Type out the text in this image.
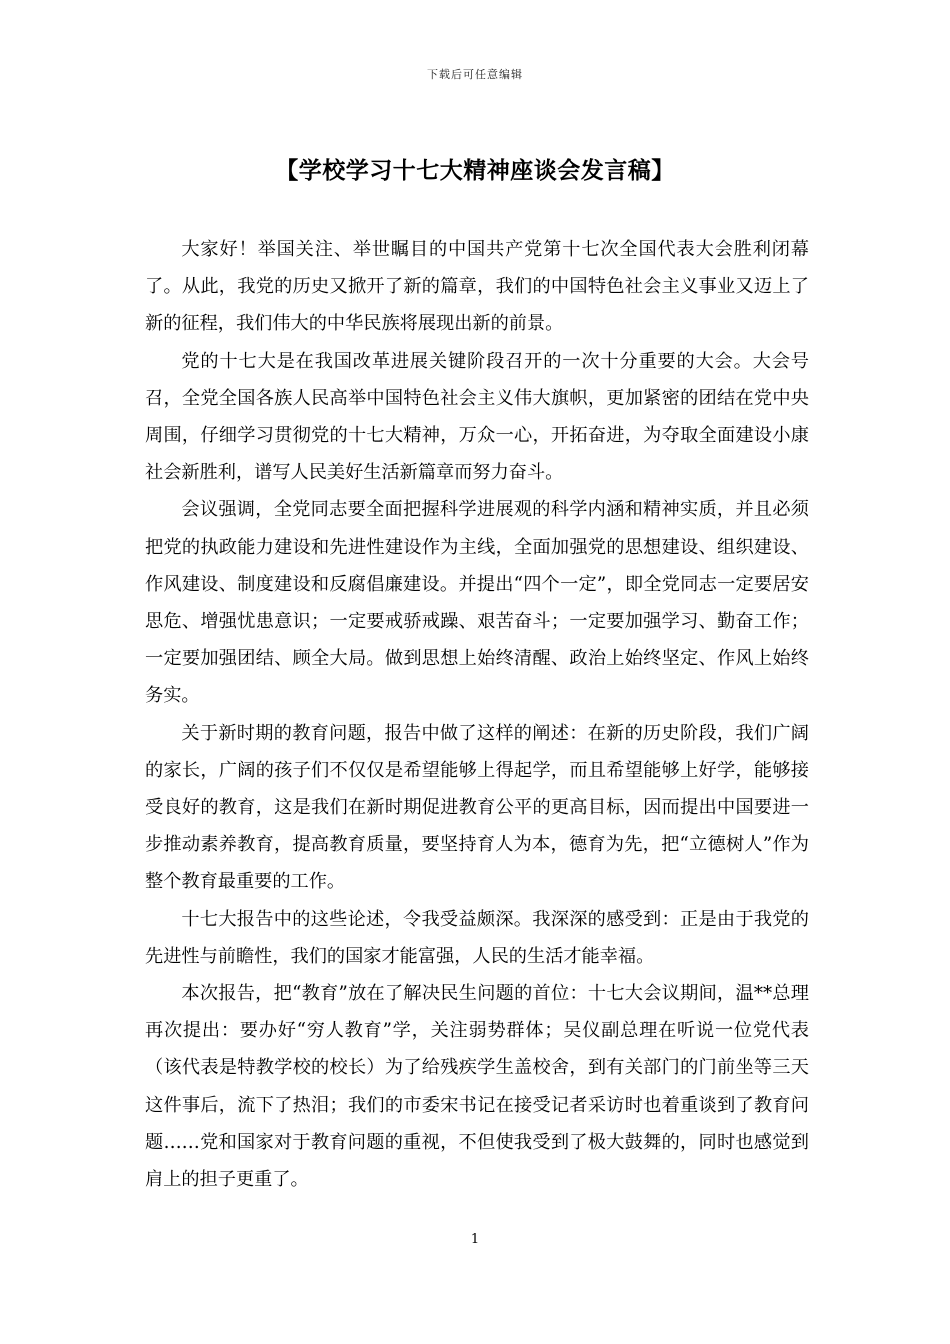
下载后可任意编辑
【学校学习十七大精神座谈会发言稿】

大家好！举国关注、举世瞩目的中国共产党第十七次全国代表大会胜利闭幕了。从此，我党的历史又掀开了新的篇章，我们的中国特色社会主义事业又迈上了新的征程，我们伟大的中华民族将展现出新的前景。

党的十七大是在我国改革进展关键阶段召开的一次十分重要的大会。大会号召，全党全国各族人民高举中国特色社会主义伟大旗帜，更加紧密的团结在党中央周围，仔细学习贯彻党的十七大精神，万众一心，开拓奋进，为夺取全面建设小康社会新胜利，谱写人民美好生活新篇章而努力奋斗。

会议强调，全党同志要全面把握科学进展观的科学内涵和精神实质，并且必须把党的执政能力建设和先进性建设作为主线，全面加强党的思想建设、组织建设、作风建设、制度建设和反腐倡廉建设。并提出“四个一定”，即全党同志一定要居安思危、增强忧患意识；一定要戒骄戒躁、艰苦奋斗；一定要加强学习、勤奋工作；一定要加强团结、顾全大局。做到思想上始终清醒、政治上始终坚定、作风上始终务实。

关于新时期的教育问题，报告中做了这样的阐述：在新的历史阶段，我们广阔的家长，广阔的孩子们不仅仅是希望能够上得起学，而且希望能够上好学，能够接受良好的教育，这是我们在新时期促进教育公平的更高目标，因而提出中国要进一步推动素养教育，提高教育质量，要坚持育人为本，德育为先，把“立德树人”作为整个教育最重要的工作。

十七大报告中的这些论述，令我受益颇深。我深深的感受到：正是由于我党的先进性与前瞻性，我们的国家才能富强，人民的生活才能幸福。

本次报告，把“教育”放在了解决民生问题的首位：十七大会议期间，温**总理再次提出：要办好“穷人教育”学，关注弱势群体；吴仪副总理在听说一位党代表（该代表是特教学校的校长）为了给残疾学生盖校舍，到有关部门的门前坐等三天这件事后，流下了热泪；我们的市委宋书记在接受记者采访时也着重谈到了教育问题……党和国家对于教育问题的重视，不但使我受到了极大鼓舞的，同时也感觉到肩上的担子更重了。

1
